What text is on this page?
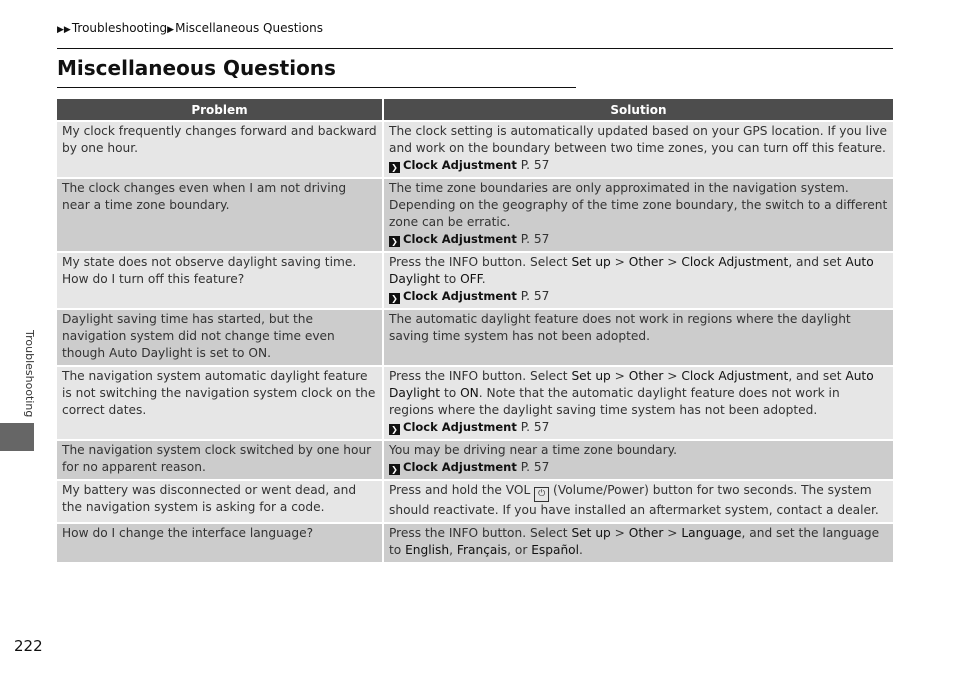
▶▶Troubleshooting▶Miscellaneous Questions
Miscellaneous Questions
Problem	Solution
My clock frequently changes forward and backward by one hour.	The clock setting is automatically updated based on your GPS location. If you live and work on the boundary between two time zones, you can turn off this feature.
❯ Clock Adjustment P. 57
The clock changes even when I am not driving near a time zone boundary.	The time zone boundaries are only approximated in the navigation system. Depending on the geography of the time zone boundary, the switch to a different zone can be erratic.
❯ Clock Adjustment P. 57
My state does not observe daylight saving time. How do I turn off this feature?	Press the INFO button. Select Set up > Other > Clock Adjustment, and set Auto Daylight to OFF.
❯ Clock Adjustment P. 57
Daylight saving time has started, but the navigation system did not change time even though Auto Daylight is set to ON.	The automatic daylight feature does not work in regions where the daylight saving time system has not been adopted.
The navigation system automatic daylight feature is not switching the navigation system clock on the correct dates.	Press the INFO button. Select Set up > Other > Clock Adjustment, and set Auto Daylight to ON. Note that the automatic daylight feature does not work in regions where the daylight saving time system has not been adopted.
❯ Clock Adjustment P. 57
The navigation system clock switched by one hour for no apparent reason.	You may be driving near a time zone boundary.
❯ Clock Adjustment P. 57
My battery was disconnected or went dead, and the navigation system is asking for a code.	Press and hold the VOL ⏻ (Volume/Power) button for two seconds. The system should reactivate. If you have installed an aftermarket system, contact a dealer.
How do I change the interface language?	Press the INFO button. Select Set up > Other > Language, and set the language to English, Français, or Español.
Troubleshooting
222
